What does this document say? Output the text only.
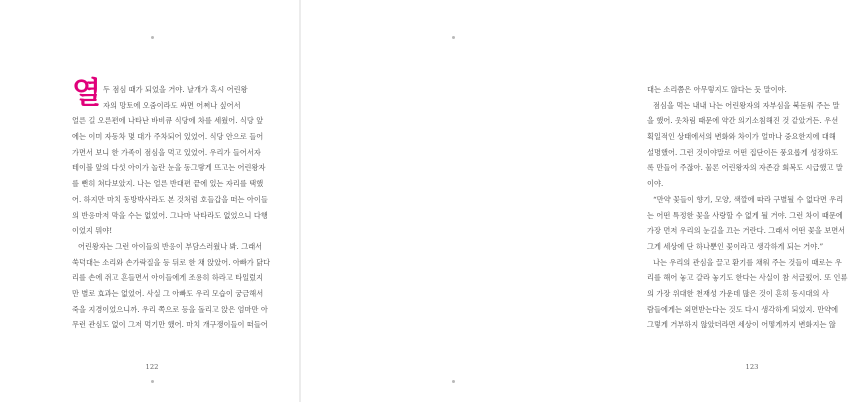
열두 점심 때가 되었을 거야. 날개가 혹시 어린왕
자의 망토에 오줌이라도 싸면 어쩌나 싶어서
얼른 길 오른편에 나타난 바비큐 식당에 차를 세웠어. 식당 앞
에는 이미 자동차 몇 대가 주차되어 있었어. 식당 안으로 들어
가면서 보니 한 가족이 점심을 먹고 있었어. 우리가 들어서자
테이블 앞의 다섯 아이가 놀란 눈을 동그랗게 뜨고는 어린왕자
를 뻔히 쳐다보았지. 나는 얼른 반대편 끝에 있는 자리를 택했
어. 하지만 마치 동방박사라도 본 것처럼 호들갑을 떠는 아이들
의 반응마저 막을 수는 없었어. 그나마 낙타라도 없었으니 다행
이었지 뭐야!
어린왕자는 그런 아이들의 반응이 부담스러웠나 봐. 그래서
쑥덕대는 소리와 손가락질을 등 뒤로 한 채 앉았어. 아빠가 닭다
리를 손에 쥐고 흔들면서 아이들에게 조용히 하라고 타일렀지
만 별로 효과는 없었어. 사실 그 아빠도 우리 모습이 궁금해서
죽을 지경이었으니까. 우리 쪽으로 등을 돌리고 앉은 엄마만 아
무런 관심도 없이 그저 먹기만 했어. 마치 개구쟁이들이 떠들어
122
대는 소리쯤은 아무렇지도 않다는 듯 말이야.
점심을 먹는 내내 나는 어린왕자의 자부심을 북돋워 주는 말
을 했어. 옷차림 때문에 약간 의기소침해진 것 같았거든. 우선
획일적인 상태에서의 변화와 차이가 얼마나 중요한지에 대해
설명했어. 그런 것이야말로 어떤 집단이든 풍요롭게 성장하도
록 만들어 주잖아. 물론 어린왕자의 자존감 회복도 시급했고 말
이야.
“만약 꽃들이 향기, 모양, 색깔에 따라 구별될 수 없다면 우리
는 어떤 특정한 꽃을 사랑할 수 없게 될 거야. 그런 차이 때문에
가장 먼저 우리의 눈길을 끄는 거란다. 그래서 어떤 꽃을 보면서
그게 세상에 단 하나뿐인 꽃이라고 생각하게 되는 거야.”
나는 우리의 관심을 끌고 환기를 채워 주는 것들이 때로는 우
리를 해어 놓고 갈라 놓기도 한다는 사실이 참 서글펐어. 또 인류
의 가장 위대한 천재성 가운데 많은 것이 흔히 동시대의 사
람들에게는 외면받는다는 것도 다시 생각하게 되었지. 만약에
그렇게 거부하지 않았더라면 세상이 어떻게까지 변화지는 않
123
